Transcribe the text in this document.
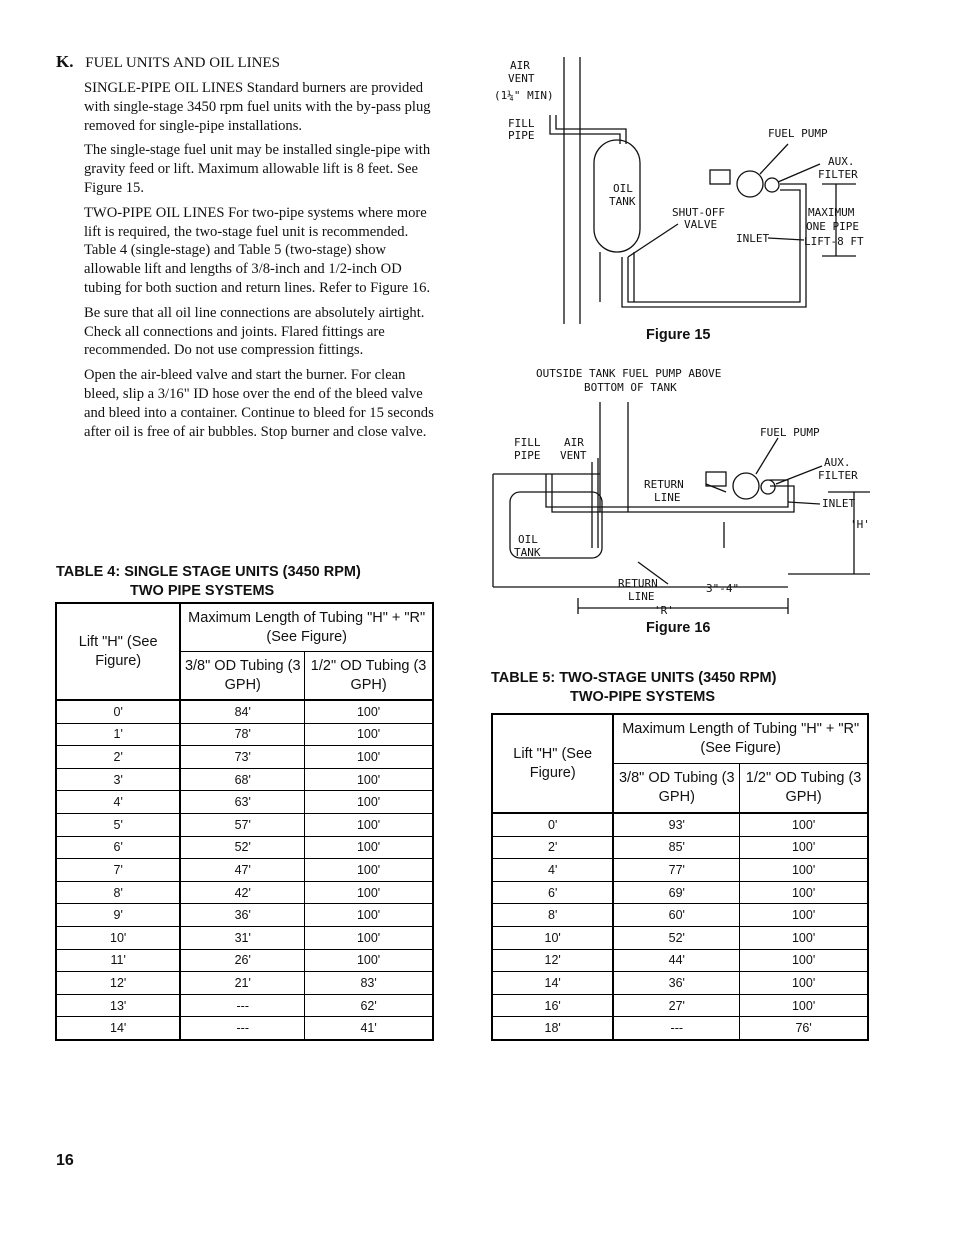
K. FUEL UNITS AND OIL LINES

SINGLE-PIPE OIL LINES Standard burners are provided with single-stage 3450 rpm fuel units with the by-pass plug removed for single-pipe installations.

The single-stage fuel unit may be installed single-pipe with gravity feed or lift. Maximum allowable lift is 8 feet. See Figure 15.

TWO-PIPE OIL LINES For two-pipe systems where more lift is required, the two-stage fuel unit is recommended. Table 4 (single-stage) and Table 5 (two-stage) show allowable lift and lengths of 3/8-inch and 1/2-inch OD tubing for both suction and return lines. Refer to Figure 16.

Be sure that all oil line connections are absolutely airtight. Check all connections and joints. Flared fittings are recommended. Do not use compression fittings.

Open the air-bleed valve and start the burner. For clean bleed, slip a 3/16" ID hose over the end of the bleed valve and bleed into a container. Continue to bleed for 15 seconds after oil is free of air bubbles. Stop burner and close valve.

TABLE 4: SINGLE STAGE UNITS (3450 RPM)
TWO PIPE SYSTEMS
Lift "H" (See Figure)	Maximum Length of Tubing "H" + "R" (See Figure)	
	3/8" OD Tubing (3 GPH)	1/2" OD Tubing (3 GPH)
0'	84'	100'
1'	78'	100'
2'	73'	100'
3'	68'	100'
4'	63'	100'
5'	57'	100'
6'	52'	100'
7'	47'	100'
8'	42'	100'
9'	36'	100'
10'	31'	100'
11'	26'	100'
12'	21'	83'
13'	---	62'
14'	---	41'
AIR
VENT
(1¼" MIN)
FILL
PIPE	FUEL PUMP
AUX.
FILTER
OIL
TANK
SHUT-OFF
VALVE
MAXIMUM
ONE PIPE
LIFT-8 FT
INLET
Figure 15
OUTSIDE TANK FUEL PUMP ABOVE
BOTTOM OF TANK
FILL
PIPE
AIR
VENT
FUEL PUMP
RETURN
LINE
AUX.
FILTER
INLET
'H'
OIL
TANK
RETURN
LINE
3"-4"
'R'
Figure 16
TABLE 5: TWO-STAGE UNITS (3450 RPM)
TWO-PIPE SYSTEMS
Lift "H" (See Figure)	Maximum Length of Tubing "H" + "R" (See Figure)	
	3/8" OD Tubing (3 GPH)	1/2" OD Tubing (3 GPH)
0'	93'	100'
2'	85'	100'
4'	77'	100'
6'	69'	100'
8'	60'	100'
10'	52'	100'
12'	44'	100'
14'	36'	100'
16'	27'	100'
18'	---	76'
16
